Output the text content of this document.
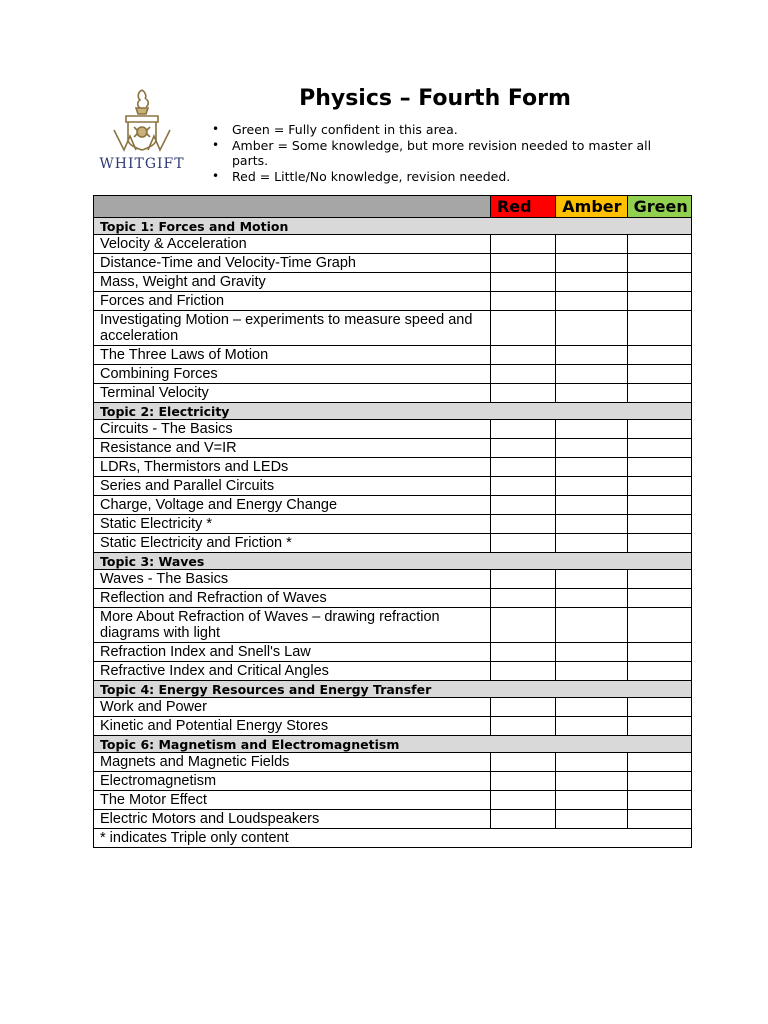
WHITGIFT
Physics – Fourth Form
• Green = Fully confident in this area.
• Amber = Some knowledge, but more revision needed to master all parts.
• Red = Little/No knowledge, revision needed.
	Red	Amber	Green
Topic 1: Forces and Motion			
Velocity & Acceleration			
Distance-Time and Velocity-Time Graph			
Mass, Weight and Gravity			
Forces and Friction			
Investigating Motion – experiments to measure speed and acceleration			
The Three Laws of Motion			
Combining Forces			
Terminal Velocity			
Topic 2: Electricity			
Circuits - The Basics			
Resistance and V=IR			
LDRs, Thermistors and LEDs			
Series and Parallel Circuits			
Charge, Voltage and Energy Change			
Static Electricity *			
Static Electricity and Friction *			
Topic 3: Waves			
Waves - The Basics			
Reflection and Refraction of Waves			
More About Refraction of Waves – drawing refraction diagrams with light			
Refraction Index and Snell's Law			
Refractive Index and Critical Angles			
Topic 4: Energy Resources and Energy Transfer			
Work and Power			
Kinetic and Potential Energy Stores			
Topic 6: Magnetism and Electromagnetism			
Magnets and Magnetic Fields			
Electromagnetism			
The Motor Effect			
Electric Motors and Loudspeakers			
* indicates Triple only content			
